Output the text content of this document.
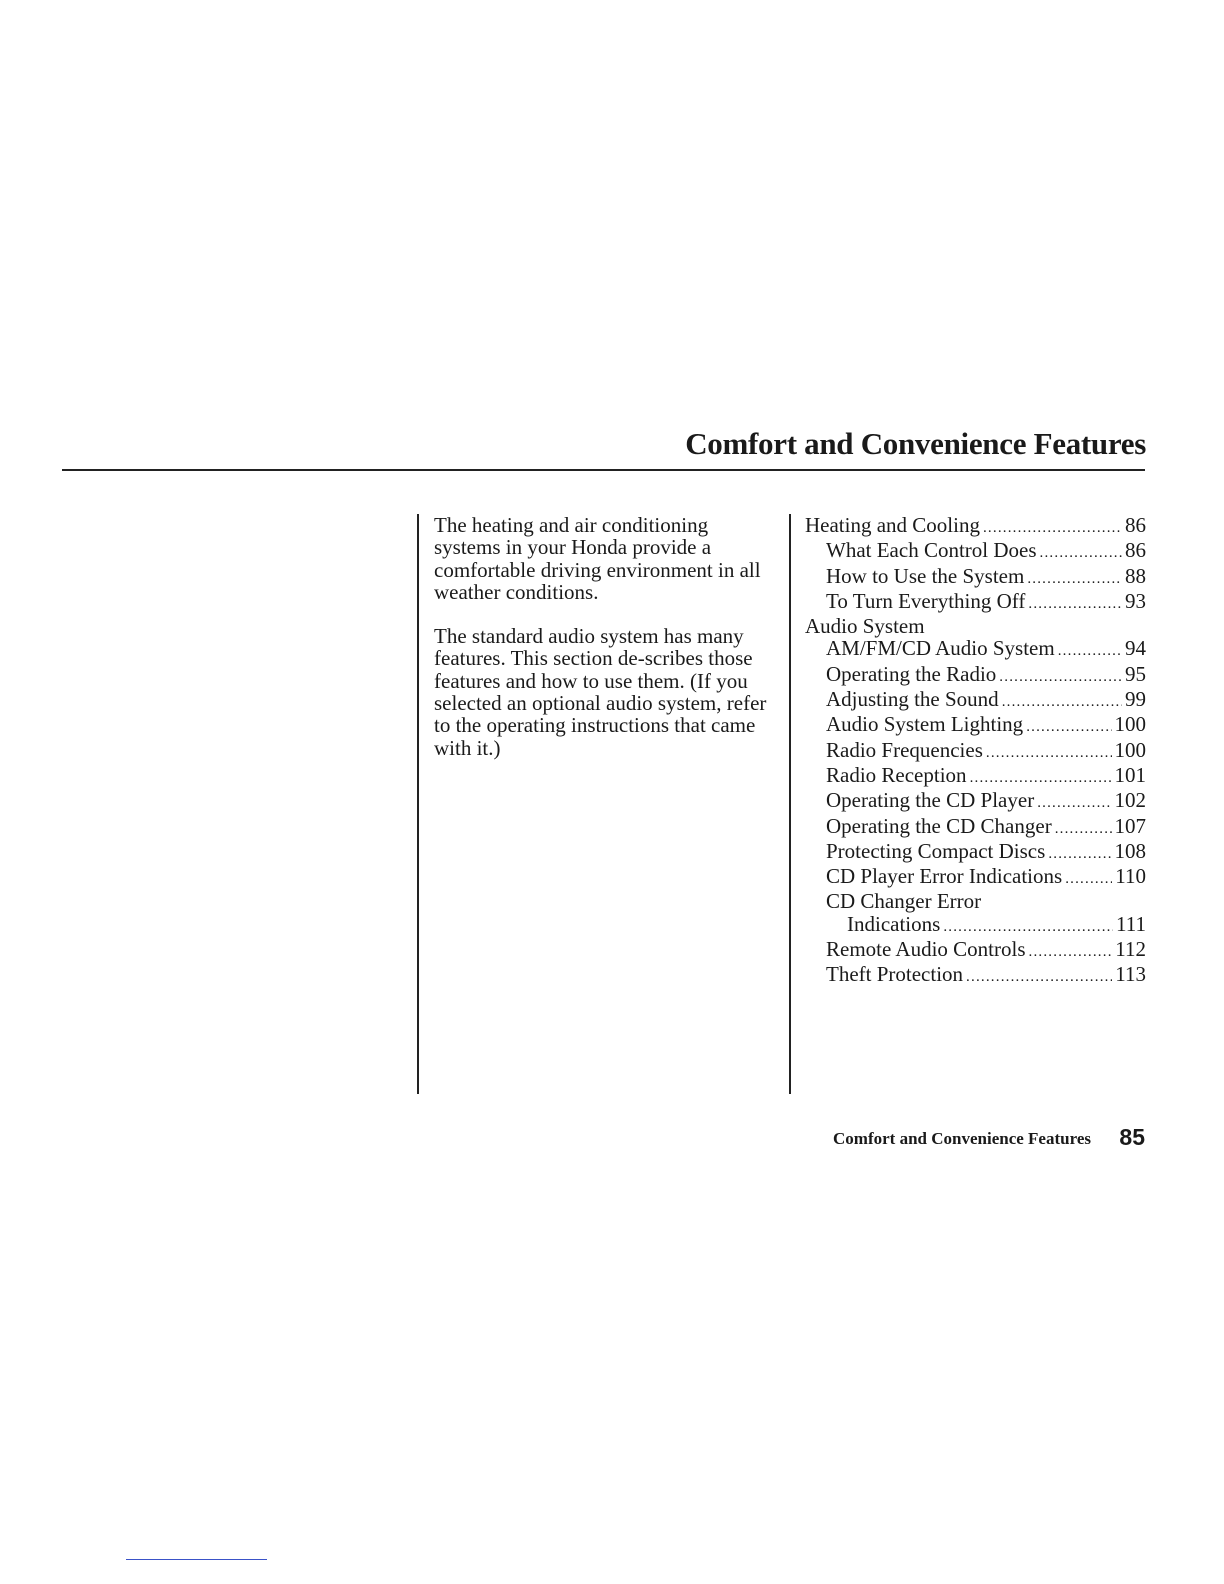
Comfort and Convenience Features

The heating and air conditioning systems in your Honda provide a comfortable driving environment in all weather conditions.

The standard audio system has many features. This section de-scribes those features and how to use them. (If you selected an optional audio system, refer to the operating instructions that came with it.)

Heating and Cooling .....	86
What Each Control Does .....	86
How to Use the System .....	88
To Turn Everything Off .....	93
Audio System
AM/FM/CD Audio System .....	94
Operating the Radio .....	95
Adjusting the Sound .....	99
Audio System Lighting .....	100
Radio Frequencies .....	100
Radio Reception .....	101
Operating the CD Player .....	102
Operating the CD Changer .....	107
Protecting Compact Discs .....	108
CD Player Error Indications .....	110
CD Changer Error
Indications .....	111
Remote Audio Controls .....	112
Theft Protection .....	113
Comfort and Convenience Features 85
